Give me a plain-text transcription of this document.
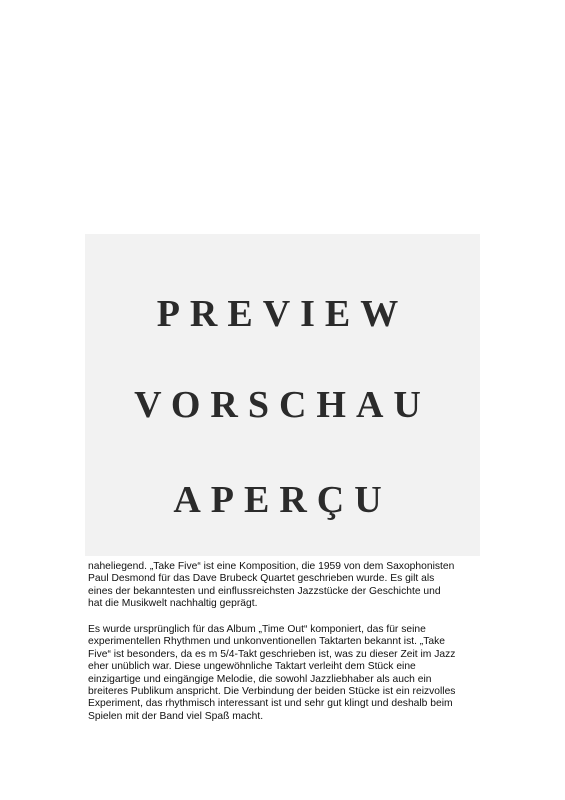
naheliegend. „Take Five“ ist eine Komposition, die 1959 von dem Saxophonisten
Paul Desmond für das Dave Brubeck Quartet geschrieben wurde. Es gilt als
eines der bekanntesten und einflussreichsten Jazzstücke der Geschichte und
hat die Musikwelt nachhaltig geprägt.
Es wurde ursprünglich für das Album „Time Out“ komponiert, das für seine
experimentellen Rhythmen und unkonventionellen Taktarten bekannt ist. „Take
Five“ ist besonders, da es m 5/4-Takt geschrieben ist, was zu dieser Zeit im Jazz
eher unüblich war. Diese ungewöhnliche Taktart verleiht dem Stück eine
einzigartige und eingängige Melodie, die sowohl Jazzliebhaber als auch ein
breiteres Publikum anspricht. Die Verbindung der beiden Stücke ist ein reizvolles
Experiment, das rhythmisch interessant ist und sehr gut klingt und deshalb beim
Spielen mit der Band viel Spaß macht.
PREVIEW
VORSCHAU
APERÇU
